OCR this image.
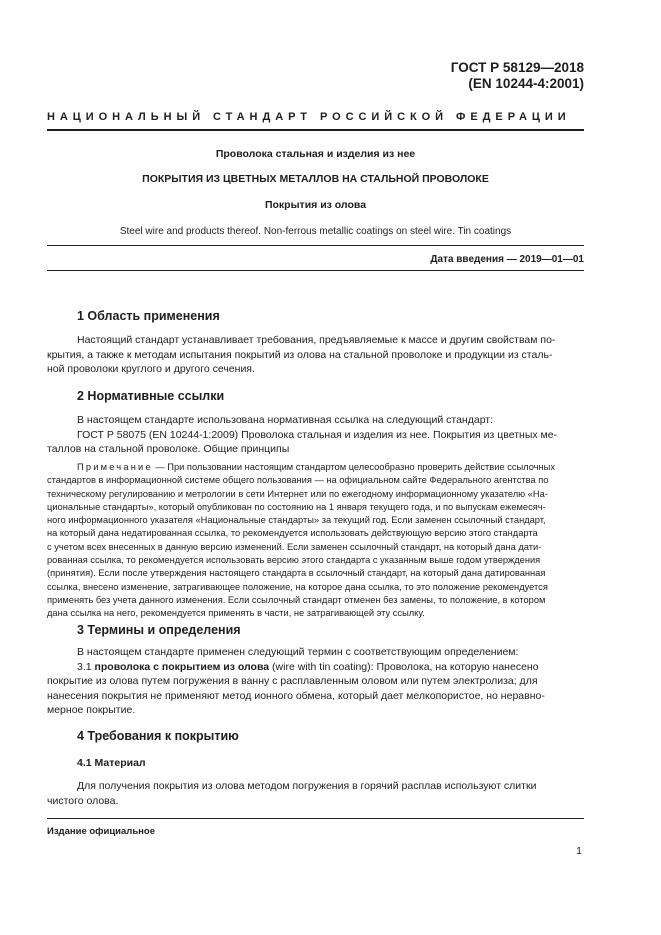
ГОСТ Р 58129—2018
(EN 10244-4:2001)
НАЦИОНАЛЬНЫЙ СТАНДАРТ РОССИЙСКОЙ ФЕДЕРАЦИИ
Проволока стальная и изделия из нее
ПОКРЫТИЯ ИЗ ЦВЕТНЫХ МЕТАЛЛОВ НА СТАЛЬНОЙ ПРОВОЛОКЕ
Покрытия из олова
Steel wire and products thereof. Non-ferrous metallic coatings on steel wire. Tin coatings
Дата введения — 2019—01—01
1 Область применения
Настоящий стандарт устанавливает требования, предъявляемые к массе и другим свойствам по-
крытия, а также к методам испытания покрытий из олова на стальной проволоке и продукции из сталь-
ной проволоки круглого и другого сечения.
2 Нормативные ссылки
В настоящем стандарте использована нормативная ссылка на следующий стандарт:
ГОСТ Р 58075 (EN 10244-1:2009) Проволока стальная и изделия из нее. Покрытия из цветных ме-
таллов на стальной проволоке. Общие принципы
Примечание — При пользовании настоящим стандартом целесообразно проверить действие ссылочных
стандартов в информационной системе общего пользования — на официальном сайте Федерального агентства по
техническому регулированию и метрологии в сети Интернет или по ежегодному информационному указателю «На-
циональные стандарты», который опубликован по состоянию на 1 января текущего года, и по выпускам ежемесяч-
ного информационного указателя «Национальные стандарты» за текущий год. Если заменен ссылочный стандарт,
на который дана недатированная ссылка, то рекомендуется использовать действующую версию этого стандарта
с учетом всех внесенных в данную версию изменений. Если заменен ссылочный стандарт, на который дана дати-
рованная ссылка, то рекомендуется использовать версию этого стандарта с указанным выше годом утверждения
(принятия). Если после утверждения настоящего стандарта в ссылочный стандарт, на который дана датированная
ссылка, внесено изменение, затрагивающее положение, на которое дана ссылка, то это положение рекомендуется
применять без учета данного изменения. Если ссылочный стандарт отменен без замены, то положение, в котором
дана ссылка на него, рекомендуется применять в части, не затрагивающей эту ссылку.
3 Термины и определения
В настоящем стандарте применен следующий термин с соответствующим определением:
3.1 проволока с покрытием из олова (wire with tin coating): Проволока, на которую нанесено
покрытие из олова путем погружения в ванну с расплавленным оловом или путем электролиза; для
нанесения покрытия не применяют метод ионного обмена, который дает мелкопористое, но неравно-
мерное покрытие.
4 Требования к покрытию
4.1 Материал
Для получения покрытия из олова методом погружения в горячий расплав используют слитки
чистого олова.
Издание официальное
1
